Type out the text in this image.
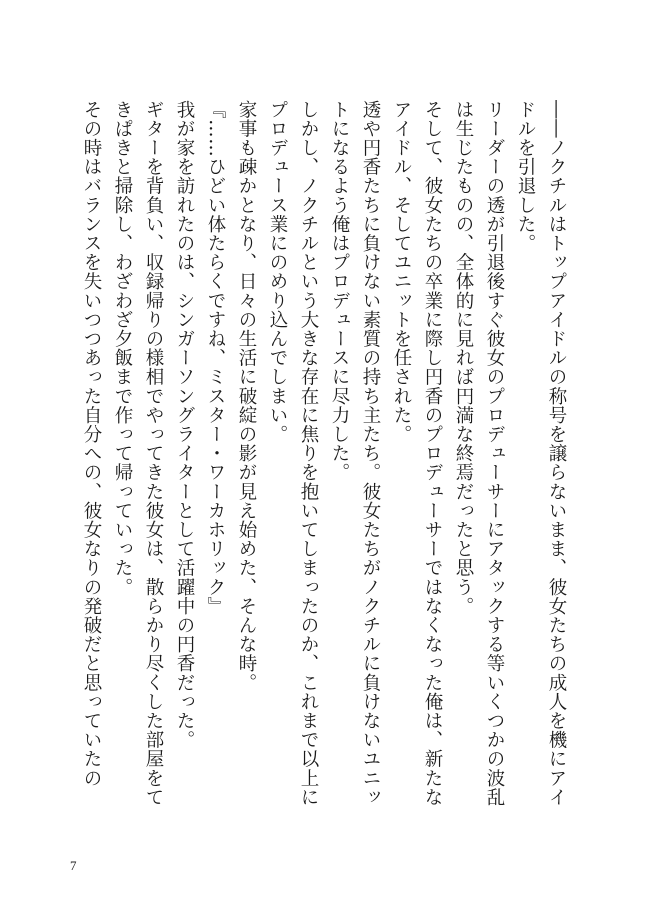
――ノクチルはトップアイドルの称号を譲らないまま、彼女たちの成人を機にアイドルを引退した。

リーダーの透が引退後すぐ彼女のプロデューサーにアタックする等いくつかの波乱は生じたものの、全体的に見れば円満な終焉だったと思う。

そして、彼女たちの卒業に際し円香のプロデューサーではなくなった俺は、新たなアイドル、そしてユニットを任された。

透や円香たちに負けない素質の持ち主たち。彼女たちがノクチルに負けないユニットになるよう俺はプロデュースに尽力した。

しかし、ノクチルという大きな存在に焦りを抱いてしまったのか、これまで以上にプロデュース業にのめり込んでしまい。

家事も疎かとなり、日々の生活に破綻の影が見え始めた、そんな時。

『……ひどい体たらくですね、ミスター・ワーカホリック』

我が家を訪れたのは、シンガーソングライターとして活躍中の円香だった。

ギターを背負い、収録帰りの様相でやってきた彼女は、散らかり尽くした部屋をてきぱきと掃除し、わざわざ夕飯まで作って帰っていった。

その時はバランスを失いつつあった自分への、彼女なりの発破だと思っていたの

7
